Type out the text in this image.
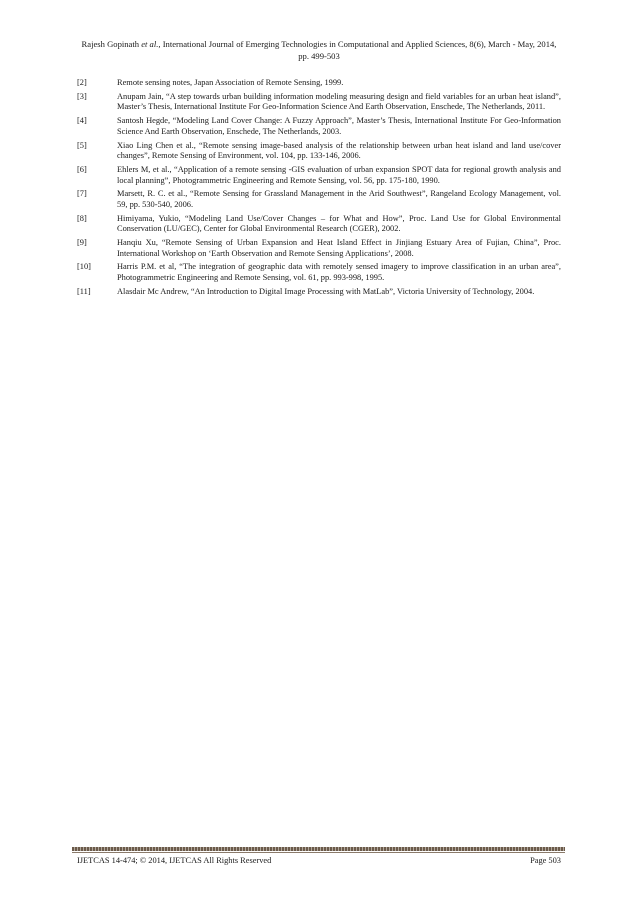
Rajesh Gopinath et al., International Journal of Emerging Technologies in Computational and Applied Sciences, 8(6), March - May, 2014,
pp. 499-503
[2]	Remote sensing notes, Japan Association of Remote Sensing, 1999.
[3]	Anupam Jain, “A step towards urban building information modeling measuring design and field variables for an urban heat island”, Master’s Thesis, International Institute For Geo-Information Science And Earth Observation, Enschede, The Netherlands, 2011.
[4]	Santosh Hegde, “Modeling Land Cover Change: A Fuzzy Approach”, Master’s Thesis, International Institute For Geo-Information Science And Earth Observation, Enschede, The Netherlands, 2003.
[5]	Xiao Ling Chen et al., “Remote sensing image-based analysis of the relationship between urban heat island and land use/cover changes”, Remote Sensing of Environment, vol. 104, pp. 133-146, 2006.
[6]	Ehlers M, et al., “Application of a remote sensing -GIS evaluation of urban expansion SPOT data for regional growth analysis and local planning”, Photogrammetric Engineering and Remote Sensing, vol. 56, pp. 175-180, 1990.
[7]	Marsett, R. C. et al., “Remote Sensing for Grassland Management in the Arid Southwest”, Rangeland Ecology Management, vol. 59, pp. 530-540, 2006.
[8]	Himiyama, Yukio, “Modeling Land Use/Cover Changes – for What and How”, Proc. Land Use for Global Environmental Conservation (LU/GEC), Center for Global Environmental Research (CGER), 2002.
[9]	Hanqiu Xu, “Remote Sensing of Urban Expansion and Heat Island Effect in Jinjiang Estuary Area of Fujian, China”, Proc. International Workshop on ‘Earth Observation and Remote Sensing Applications’, 2008.
[10]	Harris P.M. et al, “The integration of geographic data with remotely sensed imagery to improve classification in an urban area”, Photogrammetric Engineering and Remote Sensing, vol. 61, pp. 993-998, 1995.
[11]	Alasdair Mc Andrew, “An Introduction to Digital Image Processing with MatLab”, Victoria University of Technology, 2004.
IJETCAS 14-474; © 2014, IJETCAS All Rights Reserved	Page 503
